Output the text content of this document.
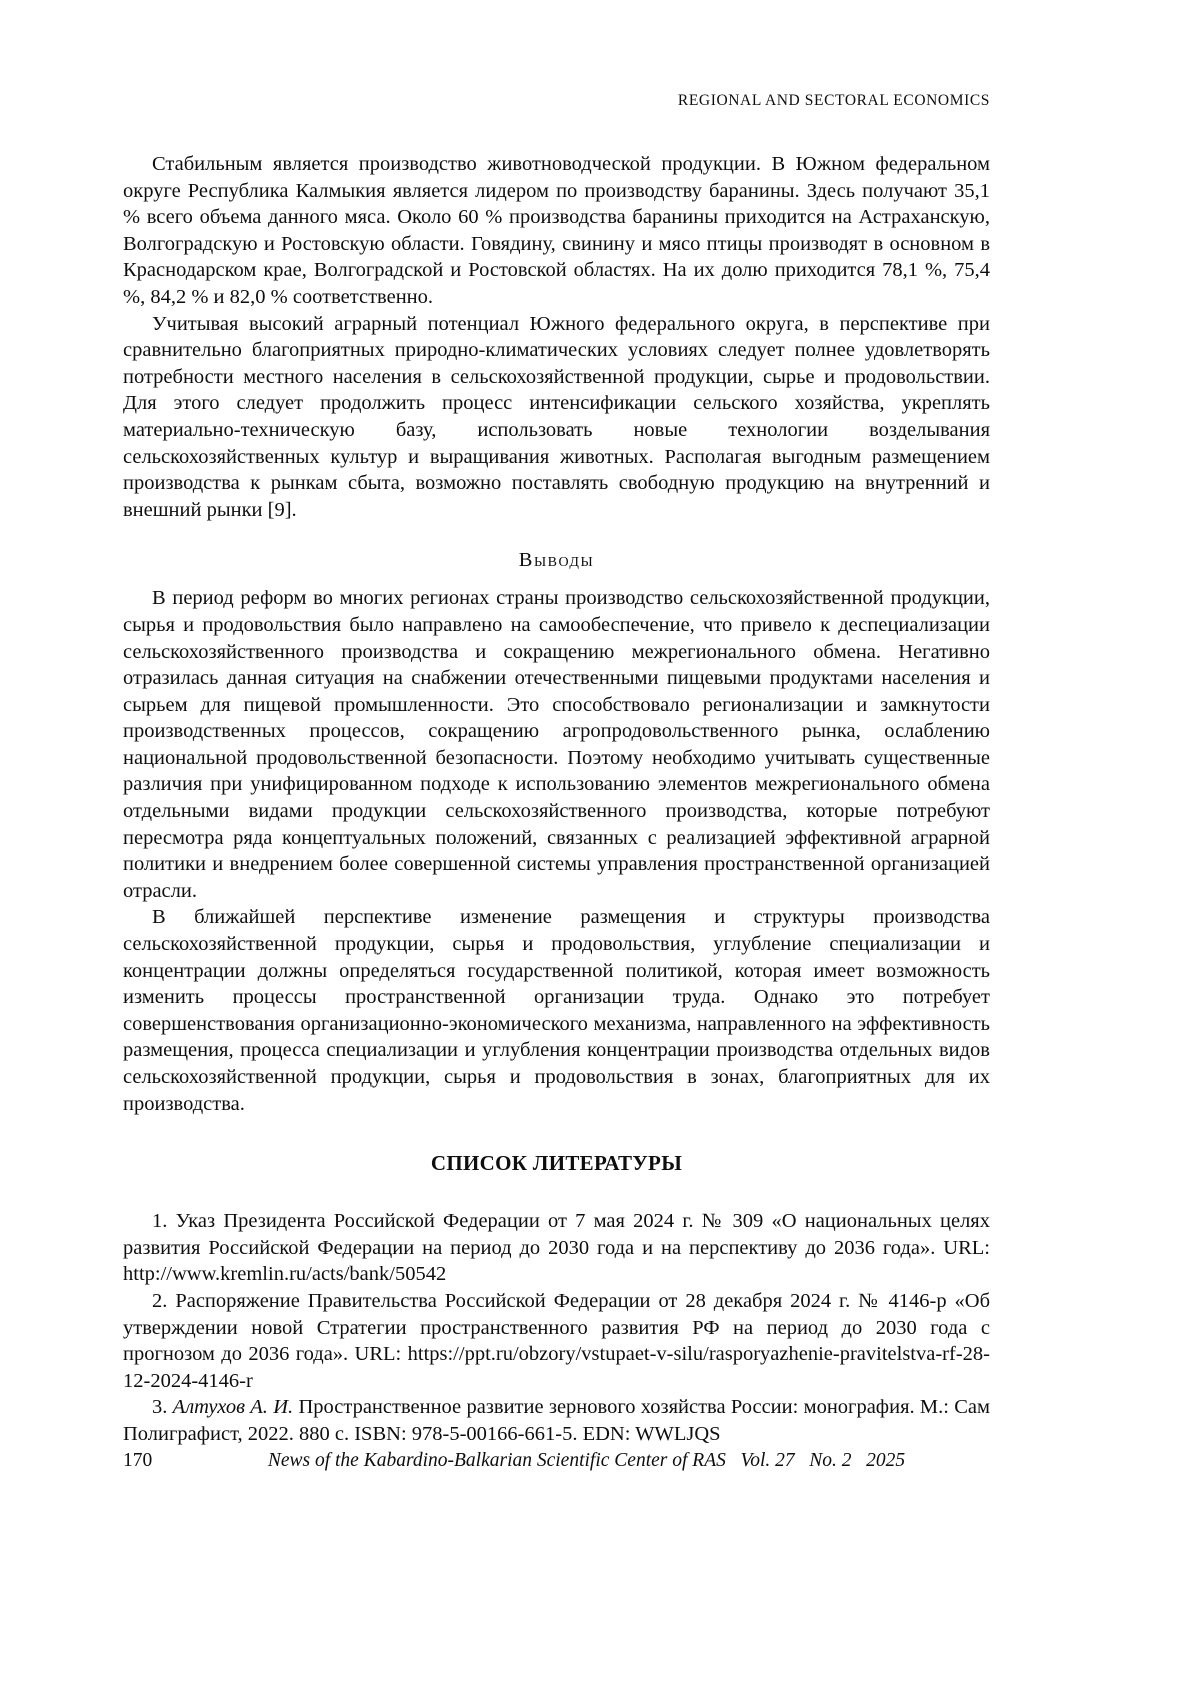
REGIONAL AND SECTORAL ECONOMICS

Стабильным является производство животноводческой продукции. В Южном федеральном округе Республика Калмыкия является лидером по производству баранины. Здесь получают 35,1 % всего объема данного мяса. Около 60 % производства баранины приходится на Астраханскую, Волгоградскую и Ростовскую области. Говядину, свинину и мясо птицы производят в основном в Краснодарском крае, Волгоградской и Ростовской областях. На их долю приходится 78,1 %, 75,4 %, 84,2 % и 82,0 % соответственно.

Учитывая высокий аграрный потенциал Южного федерального округа, в перспективе при сравнительно благоприятных природно-климатических условиях следует полнее удовлетворять потребности местного населения в сельскохозяйственной продукции, сырье и продовольствии. Для этого следует продолжить процесс интенсификации сельского хозяйства, укреплять материально-техническую базу, использовать новые технологии возделывания сельскохозяйственных культур и выращивания животных. Располагая выгодным размещением производства к рынкам сбыта, возможно поставлять свободную продукцию на внутренний и внешний рынки [9].

Выводы

В период реформ во многих регионах страны производство сельскохозяйственной продукции, сырья и продовольствия было направлено на самообеспечение, что привело к деспециализации сельскохозяйственного производства и сокращению межрегионального обмена. Негативно отразилась данная ситуация на снабжении отечественными пищевыми продуктами населения и сырьем для пищевой промышленности. Это способствовало регионализации и замкнутости производственных процессов, сокращению агропродовольственного рынка, ослаблению национальной продовольственной безопасности. Поэтому необходимо учитывать существенные различия при унифицированном подходе к использованию элементов межрегионального обмена отдельными видами продукции сельскохозяйственного производства, которые потребуют пересмотра ряда концептуальных положений, связанных с реализацией эффективной аграрной политики и внедрением более совершенной системы управления пространственной организацией отрасли.

В ближайшей перспективе изменение размещения и структуры производства сельскохозяйственной продукции, сырья и продовольствия, углубление специализации и концентрации должны определяться государственной политикой, которая имеет возможность изменить процессы пространственной организации труда. Однако это потребует совершенствования организационно-экономического механизма, направленного на эффективность размещения, процесса специализации и углубления концентрации производства отдельных видов сельскохозяйственной продукции, сырья и продовольствия в зонах, благоприятных для их производства.

СПИСОК ЛИТЕРАТУРЫ

1. Указ Президента Российской Федерации от 7 мая 2024 г. № 309 «О национальных целях развития Российской Федерации на период до 2030 года и на перспективу до 2036 года». URL: http://www.kremlin.ru/acts/bank/50542

2. Распоряжение Правительства Российской Федерации от 28 декабря 2024 г. № 4146-р «Об утверждении новой Стратегии пространственного развития РФ на период до 2030 года с прогнозом до 2036 года». URL: https://ppt.ru/obzory/vstupaet-v-silu/rasporyazhenie-pravitelstva-rf-28-12-2024-4146-r

3. Алтухов А. И. Пространственное развитие зернового хозяйства России: монография. М.: Сам Полиграфист, 2022. 880 с. ISBN: 978-5-00166-661-5. EDN: WWLJQS

170	News of the Kabardino-Balkarian Scientific Center of RAS   Vol. 27   No. 2   2025
